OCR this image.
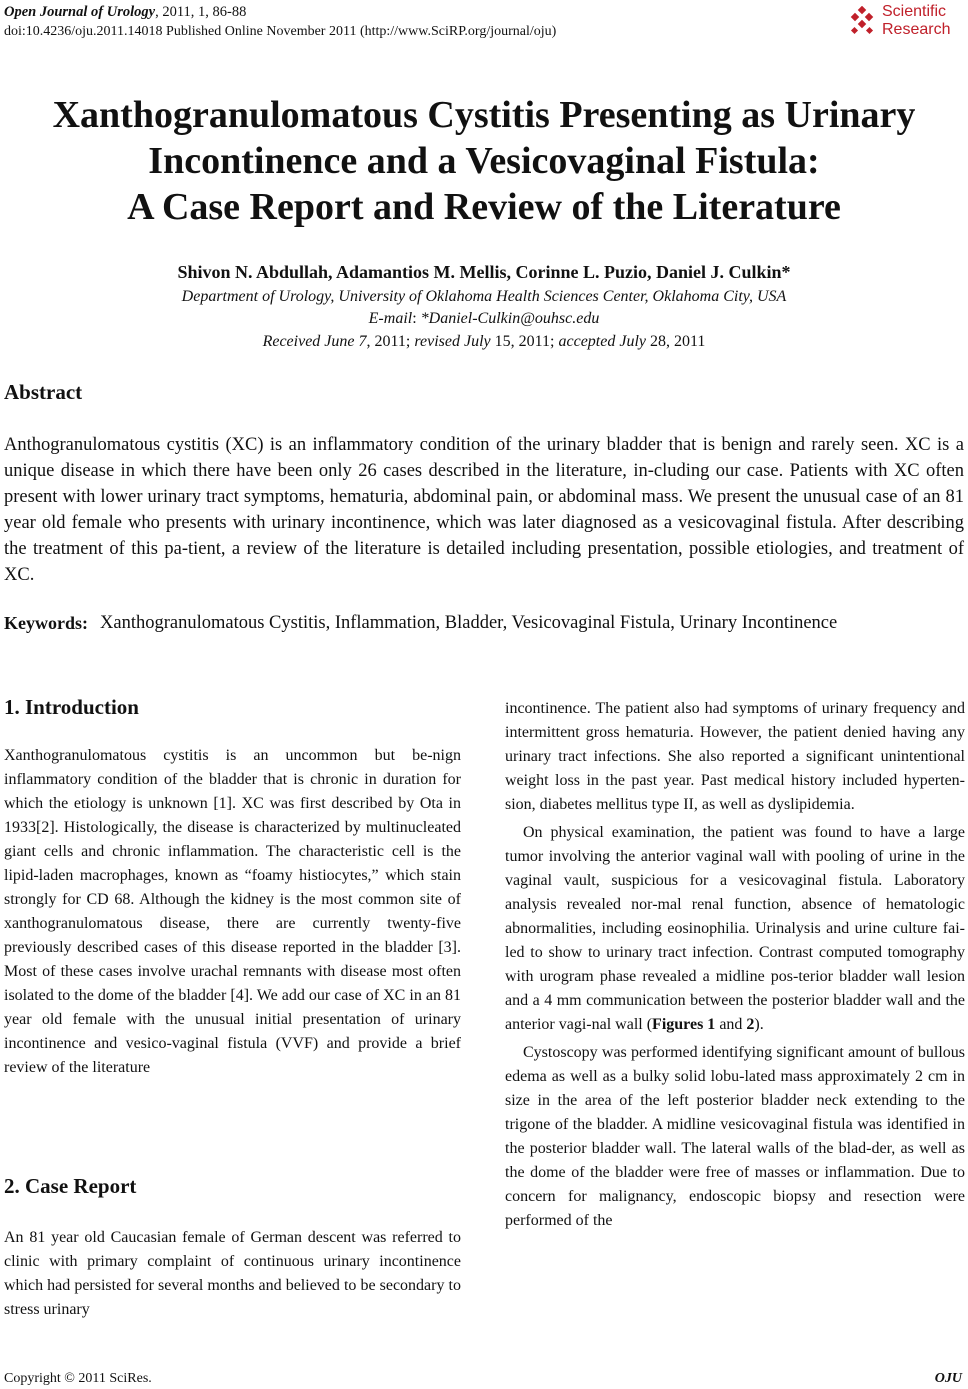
Open Journal of Urology, 2011, 1, 86-88
doi:10.4236/oju.2011.14018 Published Online November 2011 (http://www.SciRP.org/journal/oju)
Scientific
Research
Xanthogranulomatous Cystitis Presenting as Urinary
Incontinence and a Vesicovaginal Fistula:
A Case Report and Review of the Literature
Shivon N. Abdullah, Adamantios M. Mellis, Corinne L. Puzio, Daniel J. Culkin*
Department of Urology, University of Oklahoma Health Sciences Center, Oklahoma City, USA
E-mail: *Daniel-Culkin@ouhsc.edu
Received June 7, 2011; revised July 15, 2011; accepted July 28, 2011
Abstract
Anthogranulomatous cystitis (XC) is an inflammatory condition of the urinary bladder that is benign and rarely seen. XC is a unique disease in which there have been only 26 cases described in the literature, in-cluding our case. Patients with XC often present with lower urinary tract symptoms, hematuria, abdominal pain, or abdominal mass. We present the unusual case of an 81 year old female who presents with urinary incontinence, which was later diagnosed as a vesicovaginal fistula. After describing the treatment of this pa-tient, a review of the literature is detailed including presentation, possible etiologies, and treatment of XC.
Keywords: Xanthogranulomatous Cystitis, Inflammation, Bladder, Vesicovaginal Fistula, Urinary Incontinence
1. Introduction
Xanthogranulomatous cystitis is an uncommon but be-nign inflammatory condition of the bladder that is chronic in duration for which the etiology is unknown [1]. XC was first described by Ota in 1933[2]. Histologically, the disease is characterized by multinucleated giant cells and chronic inflammation. The characteristic cell is the lipid-laden macrophages, known as “foamy histiocytes,” which stain strongly for CD 68. Although the kidney is the most common site of xanthogranulomatous disease, there are currently twenty-five previously described cases of this disease reported in the bladder [3]. Most of these cases involve urachal remnants with disease most often isolated to the dome of the bladder [4]. We add our case of XC in an 81 year old female with the unusual initial presentation of urinary incontinence and vesico-vaginal fistula (VVF) and provide a brief review of the literature
2. Case Report
An 81 year old Caucasian female of German descent was referred to clinic with primary complaint of continuous urinary incontinence which had persisted for several months and believed to be secondary to stress urinary

incontinence. The patient also had symptoms of urinary frequency and intermittent gross hematuria. However, the patient denied having any urinary tract infections. She also reported a significant unintentional weight loss in the past year. Past medical history included hyperten-sion, diabetes mellitus type II, as well as dyslipidemia.

On physical examination, the patient was found to have a large tumor involving the anterior vaginal wall with pooling of urine in the vaginal vault, suspicious for a vesicovaginal fistula. Laboratory analysis revealed nor-mal renal function, absence of hematologic abnormalities, including eosinophilia. Urinalysis and urine culture fai-led to show to urinary tract infection. Contrast computed tomography with urogram phase revealed a midline pos-terior bladder wall lesion and a 4 mm communication between the posterior bladder wall and the anterior vagi-nal wall (Figures 1 and 2).

Cystoscopy was performed identifying significant amount of bullous edema as well as a bulky solid lobu-lated mass approximately 2 cm in size in the area of the left posterior bladder neck extending to the trigone of the bladder. A midline vesicovaginal fistula was identified in the posterior bladder wall. The lateral walls of the blad-der, as well as the dome of the bladder were free of masses or inflammation. Due to concern for malignancy, endoscopic biopsy and resection were performed of the

Copyright © 2011 SciRes.	OJU
